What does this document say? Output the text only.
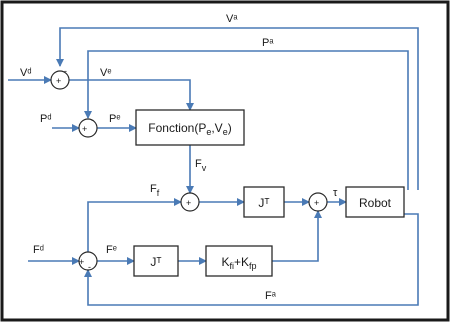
+
-
+
-
+	+
+ -
$Fonction(P_e,V_e)$
Jᵀ	Robot
Jᵀ	$K_{fi}+K_{fp}$
Vᵃ
Pᵃ
Vᵈ	Vᵉ
Pᵈ	Pᵉ
$F_v$
$F_f$	τ
Fᵈ	Fᵉ
Fᵃ
